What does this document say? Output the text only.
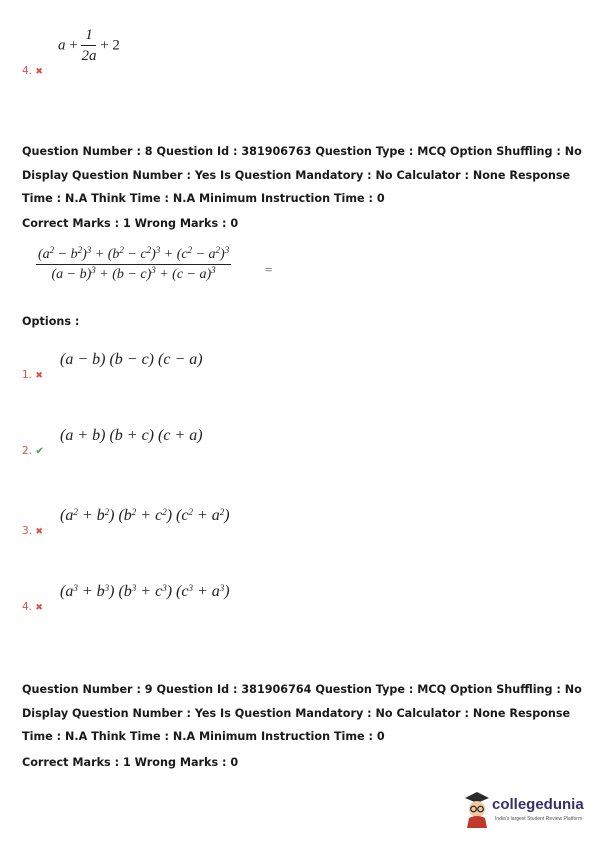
$a + \frac{1}{2a} + 2$
4. ✖
Question Number : 8 Question Id : 381906763 Question Type : MCQ Option Shuffling : No Display Question Number : Yes Is Question Mandatory : No Calculator : None Response Time : N.A Think Time : N.A Minimum Instruction Time : 0
Correct Marks : 1 Wrong Marks : 0
$\frac{(a^2 - b^2)^3 + (b^2 - c^2)^3 + (c^2 - a^2)^3}{(a - b)^3 + (b - c)^3 + (c - a)^3}$	=
Options :
(a − b) (b − c) (c − a)
1. ✖
(a + b) (b + c) (c + a)
2. ✔
$(a^2 + b^2) (b^2 + c^2) (c^2 + a^2)$
3. ✖
$(a^3 + b^3) (b^3 + c^3) (c^3 + a^3)$
4. ✖
Question Number : 9 Question Id : 381906764 Question Type : MCQ Option Shuffling : No Display Question Number : Yes Is Question Mandatory : No Calculator : None Response Time : N.A Think Time : N.A Minimum Instruction Time : 0
Correct Marks : 1 Wrong Marks : 0
collegedunia
India's largest Student Review Platform
